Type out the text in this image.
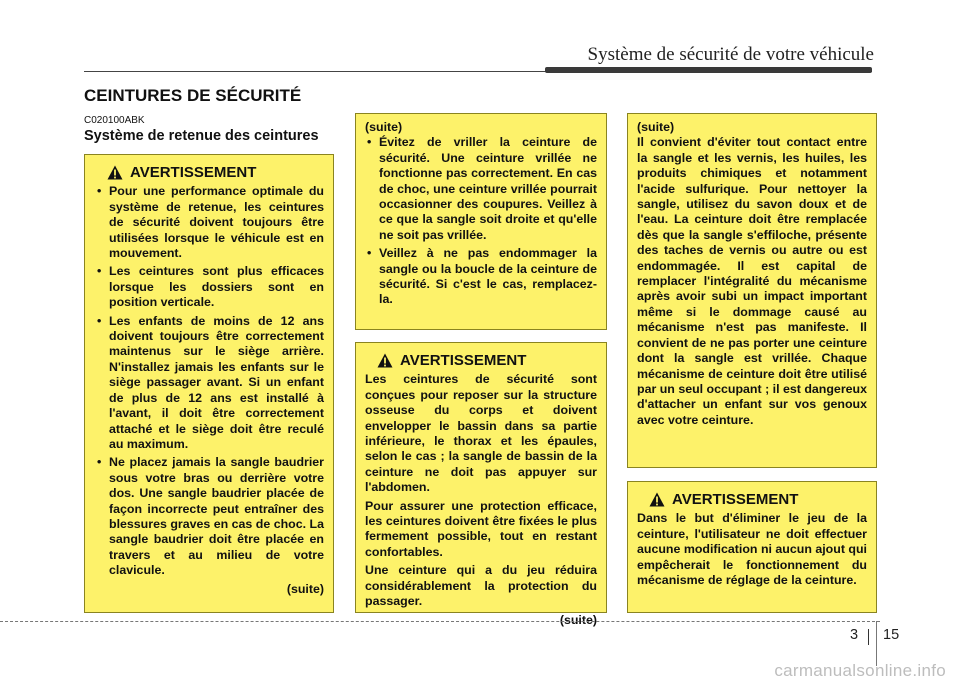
Système de sécurité de votre véhicule
CEINTURES DE SÉCURITÉ
C020100ABK
Système de retenue des ceintures
AVERTISSEMENT
• Pour une performance optimale du système de retenue, les ceintures de sécurité doivent toujours être utilisées lorsque le véhicule est en mouvement.
• Les ceintures sont plus efficaces lorsque les dossiers sont en position verticale.
• Les enfants de moins de 12 ans doivent toujours être correctement maintenus sur le siège arrière. N'installez jamais les enfants sur le siège passager avant. Si un enfant de plus de 12 ans est installé à l'avant, il doit être correctement attaché et le siège doit être reculé au maximum.
• Ne placez jamais la sangle baudrier sous votre bras ou derrière votre dos. Une sangle baudrier placée de façon incorrecte peut entraîner des blessures graves en cas de choc. La sangle baudrier doit être placée en travers et au milieu de votre clavicule.
(suite)
(suite)
• Évitez de vriller la ceinture de sécurité. Une ceinture vrillée ne fonctionne pas correctement. En cas de choc, une ceinture vrillée pourrait occasionner des coupures. Veillez à ce que la sangle soit droite et qu'elle ne soit pas vrillée.
• Veillez à ne pas endommager la sangle ou la boucle de la ceinture de sécurité. Si c'est le cas, remplacez-la.
AVERTISSEMENT

Les ceintures de sécurité sont conçues pour reposer sur la structure osseuse du corps et doivent envelopper le bassin dans sa partie inférieure, le thorax et les épaules, selon le cas ; la sangle de bassin de la ceinture ne doit pas appuyer sur l'abdomen.

Pour assurer une protection efficace, les ceintures doivent être fixées le plus fermement possible, tout en restant confortables.

Une ceinture qui a du jeu réduira considérablement la protection du passager.

(suite)
(suite)
Il convient d'éviter tout contact entre la sangle et les vernis, les huiles, les produits chimiques et notamment l'acide sulfurique. Pour nettoyer la sangle, utilisez du savon doux et de l'eau. La ceinture doit être remplacée dès que la sangle s'effiloche, présente des taches de vernis ou autre ou est endommagée. Il est capital de remplacer l'intégralité du mécanisme après avoir subi un impact important même si le dommage causé au mécanisme n'est pas manifeste. Il convient de ne pas porter une ceinture dont la sangle est vrillée. Chaque mécanisme de ceinture doit être utilisé par un seul occupant ; il est dangereux d'attacher un enfant sur vos genoux avec votre ceinture.
AVERTISSEMENT
Dans le but d'éliminer le jeu de la ceinture, l'utilisateur ne doit effectuer aucune modification ni aucun ajout qui empêcherait le fonctionnement du mécanisme de réglage de la ceinture.
3 15
carmanualsonline.info
